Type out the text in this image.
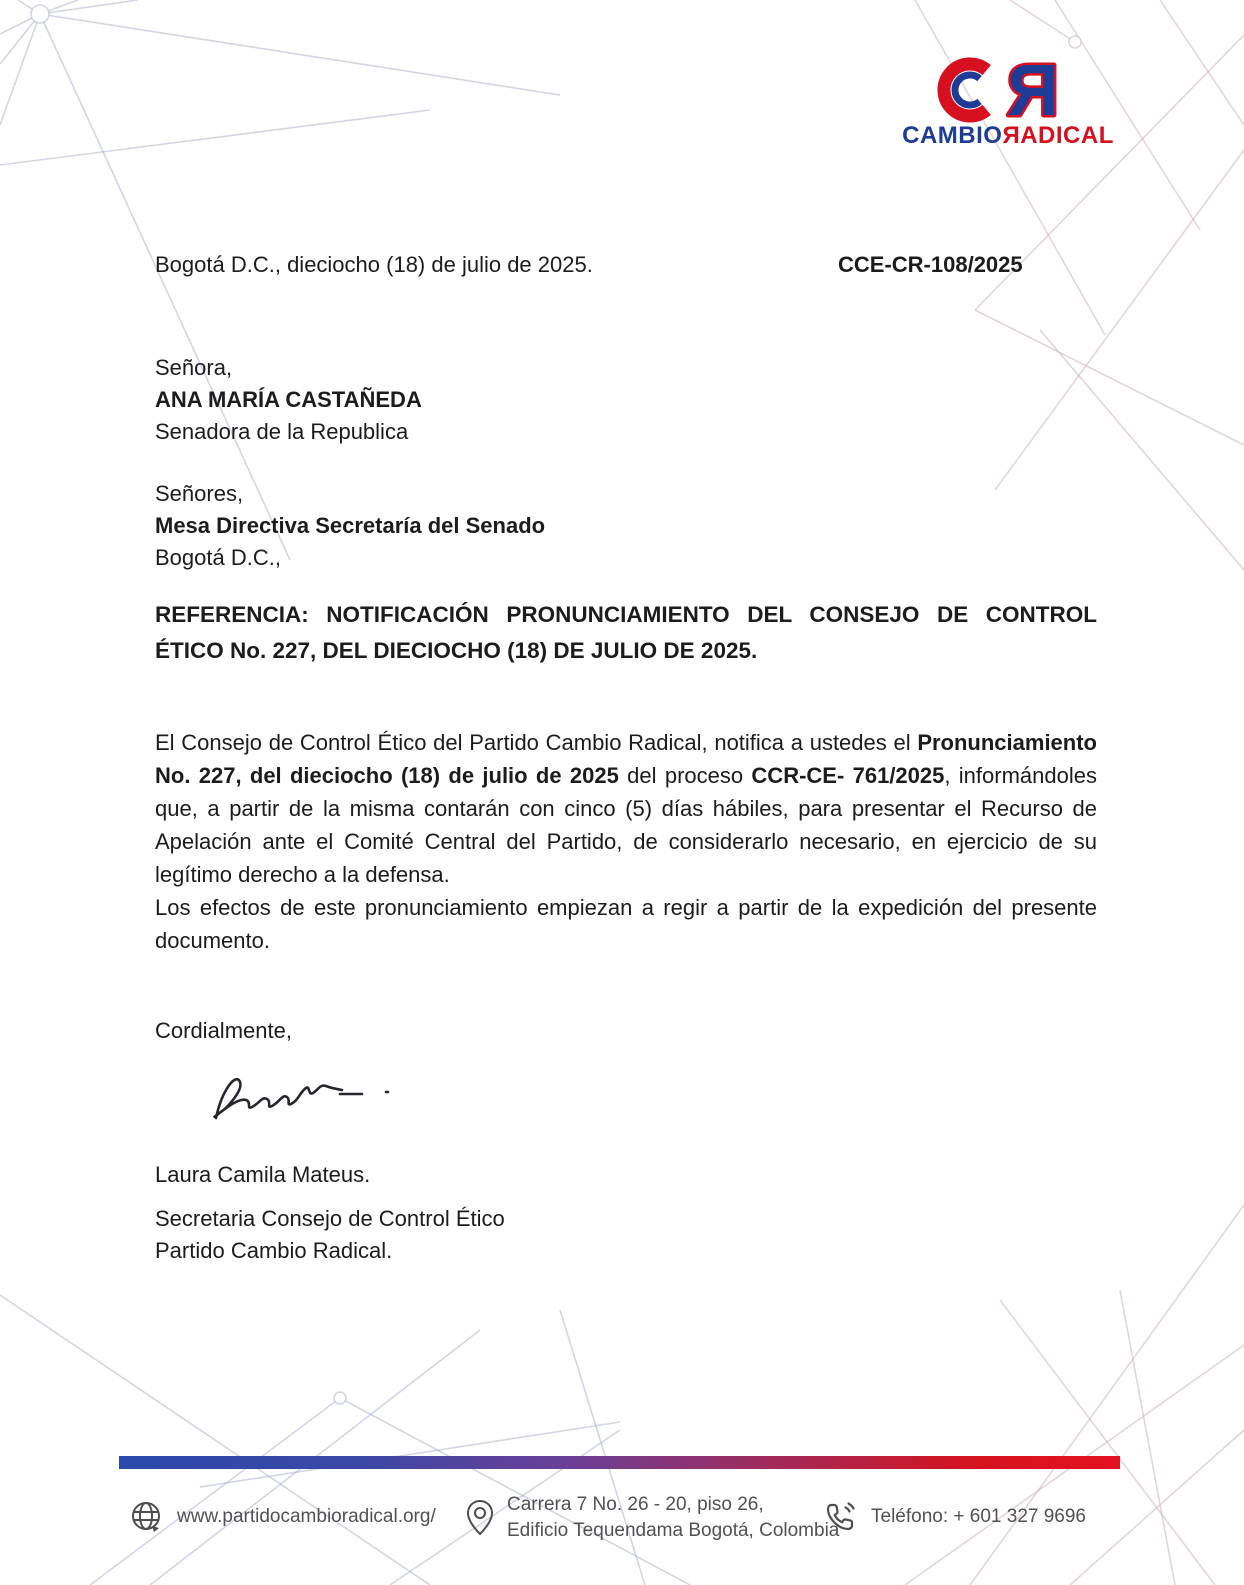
Я
CAMBIOЯADICAL
Bogotá D.C., dieciocho (18) de julio de 2025.	CCE-CR-108/2025
Señora,
ANA MARÍA CASTAÑEDA
Senadora de la Republica
Señores,
Mesa Directiva Secretaría del Senado
Bogotá D.C.,
REFERENCIA: NOTIFICACIÓN PRONUNCIAMIENTO DEL CONSEJO DE CONTROL ÉTICO No. 227, DEL DIECIOCHO (18) DE JULIO DE 2025.
El Consejo de Control Ético del Partido Cambio Radical, notifica a ustedes el Pronunciamiento No. 227, del dieciocho (18) de julio de 2025 del proceso CCR-CE- 761/2025, informándoles que, a partir de la misma contarán con cinco (5) días hábiles, para presentar el Recurso de Apelación ante el Comité Central del Partido, de considerarlo necesario, en ejercicio de su legítimo derecho a la defensa.
Los efectos de este pronunciamiento empiezan a regir a partir de la expedición del presente documento.
Cordialmente,
Laura Camila Mateus.
Secretaria Consejo de Control Ético
Partido Cambio Radical.
www.partidocambioradical.org/
Carrera 7 No. 26 - 20, piso 26,
Edificio Tequendama Bogotá, Colombia
Teléfono: + 601 327 9696
